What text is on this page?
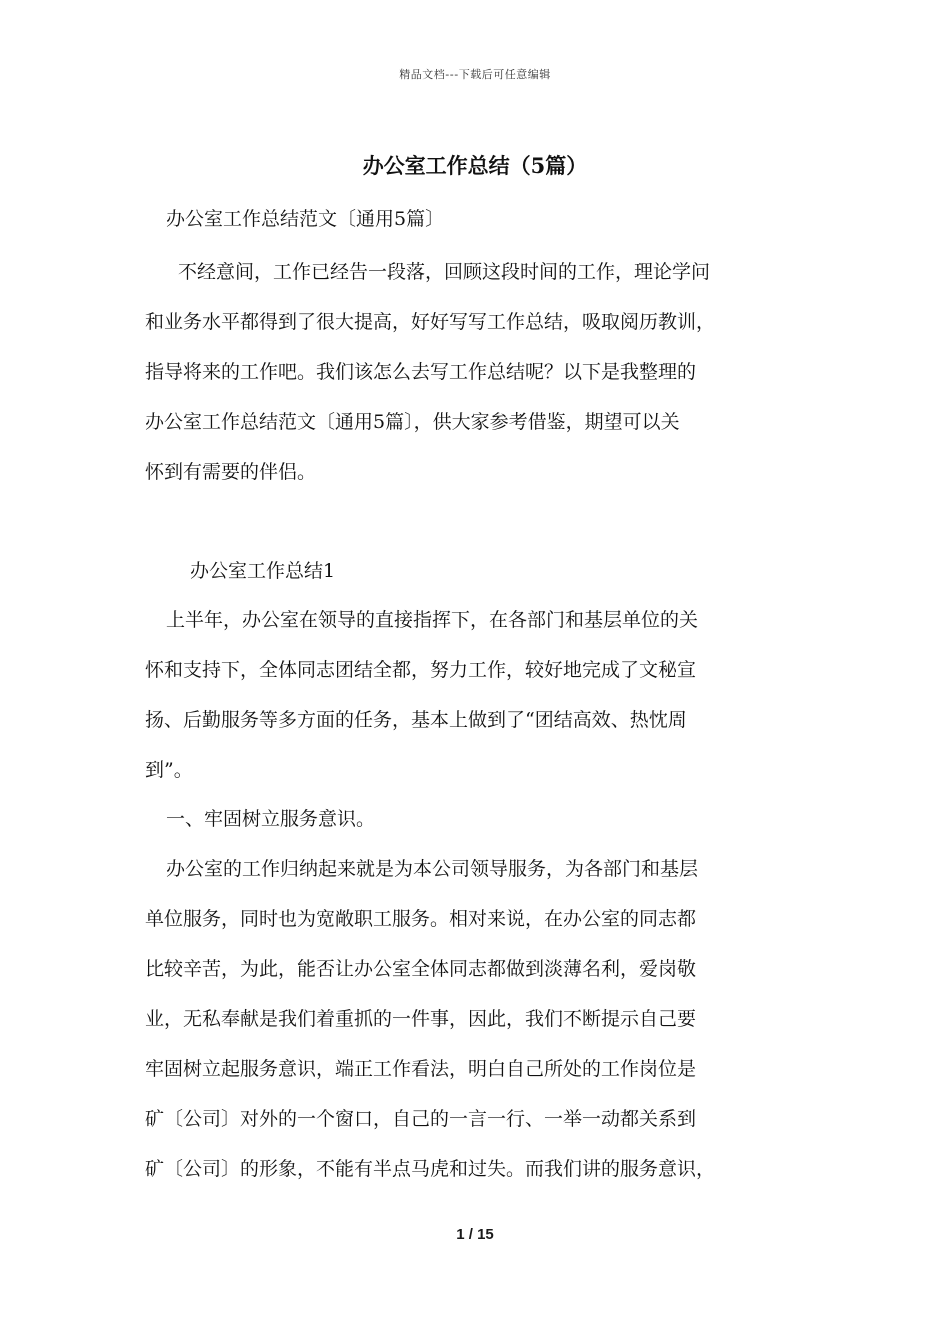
精品文档---下载后可任意编辑
办公室工作总结（5篇）
办公室工作总结范文〔通用5篇〕
不经意间，工作已经告一段落，回顾这段时间的工作，理论学问
和业务水平都得到了很大提高，好好写写工作总结，吸取阅历教训，
指导将来的工作吧。我们该怎么去写工作总结呢？以下是我整理的
办公室工作总结范文〔通用5篇〕，供大家参考借鉴，期望可以关
怀到有需要的伴侣。
办公室工作总结1
上半年，办公室在领导的直接指挥下，在各部门和基层单位的关
怀和支持下，全体同志团结全都，努力工作，较好地完成了文秘宣
扬、后勤服务等多方面的任务，基本上做到了“团结高效、热忱周
到”。
一、牢固树立服务意识。
办公室的工作归纳起来就是为本公司领导服务，为各部门和基层
单位服务，同时也为宽敞职工服务。相对来说，在办公室的同志都
比较辛苦，为此，能否让办公室全体同志都做到淡薄名利，爱岗敬
业，无私奉献是我们着重抓的一件事，因此，我们不断提示自己要
牢固树立起服务意识，端正工作看法，明白自己所处的工作岗位是
矿〔公司〕对外的一个窗口，自己的一言一行、一举一动都关系到
矿〔公司〕的形象，不能有半点马虎和过失。而我们讲的服务意识，
1 / 15
